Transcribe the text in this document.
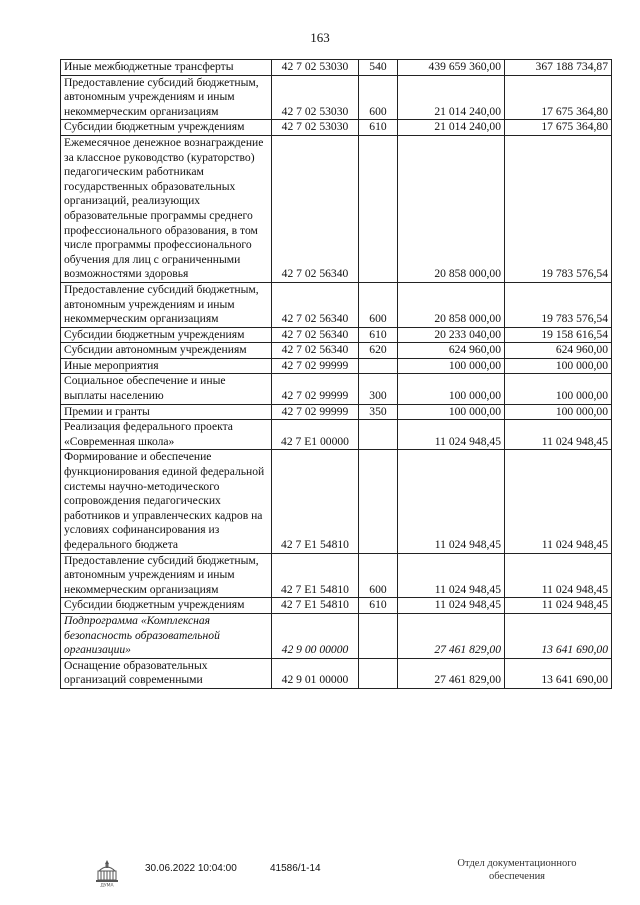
163
Иные межбюджетные трансферты	42 7 02 53030	540	439 659 360,00	367 188 734,87
Предоставление субсидий бюджетным, автономным учреждениям и иным некоммерческим организациям	42 7 02 53030	600	21 014 240,00	17 675 364,80
Субсидии бюджетным учреждениям	42 7 02 53030	610	21 014 240,00	17 675 364,80
Ежемесячное денежное вознаграждение за классное руководство (кураторство) педагогическим работникам государственных образовательных организаций, реализующих образовательные программы среднего профессионального образования, в том числе программы профессионального обучения для лиц с ограниченными возможностями здоровья	42 7 02 56340		20 858 000,00	19 783 576,54
Предоставление субсидий бюджетным, автономным учреждениям и иным некоммерческим организациям	42 7 02 56340	600	20 858 000,00	19 783 576,54
Субсидии бюджетным учреждениям	42 7 02 56340	610	20 233 040,00	19 158 616,54
Субсидии автономным учреждениям	42 7 02 56340	620	624 960,00	624 960,00
Иные мероприятия	42 7 02 99999		100 000,00	100 000,00
Социальное обеспечение и иные выплаты населению	42 7 02 99999	300	100 000,00	100 000,00
Премии и гранты	42 7 02 99999	350	100 000,00	100 000,00
Реализация федерального проекта «Современная школа»	42 7 E1 00000		11 024 948,45	11 024 948,45
Формирование и обеспечение функционирования единой федеральной системы научно-методического сопровождения педагогических работников и управленческих кадров на условиях софинансирования из федерального бюджета	42 7 E1 54810		11 024 948,45	11 024 948,45
Предоставление субсидий бюджетным, автономным учреждениям и иным некоммерческим организациям	42 7 E1 54810	600	11 024 948,45	11 024 948,45
Субсидии бюджетным учреждениям	42 7 E1 54810	610	11 024 948,45	11 024 948,45
Подпрограмма «Комплексная безопасность образовательной организации»	42 9 00 00000		27 461 829,00	13 641 690,00
Оснащение образовательных организаций современными	42 9 01 00000		27 461 829,00	13 641 690,00
ДУМА
30.06.2022 10:04:00	41586/1-14	Отдел документационного
обеспечения
